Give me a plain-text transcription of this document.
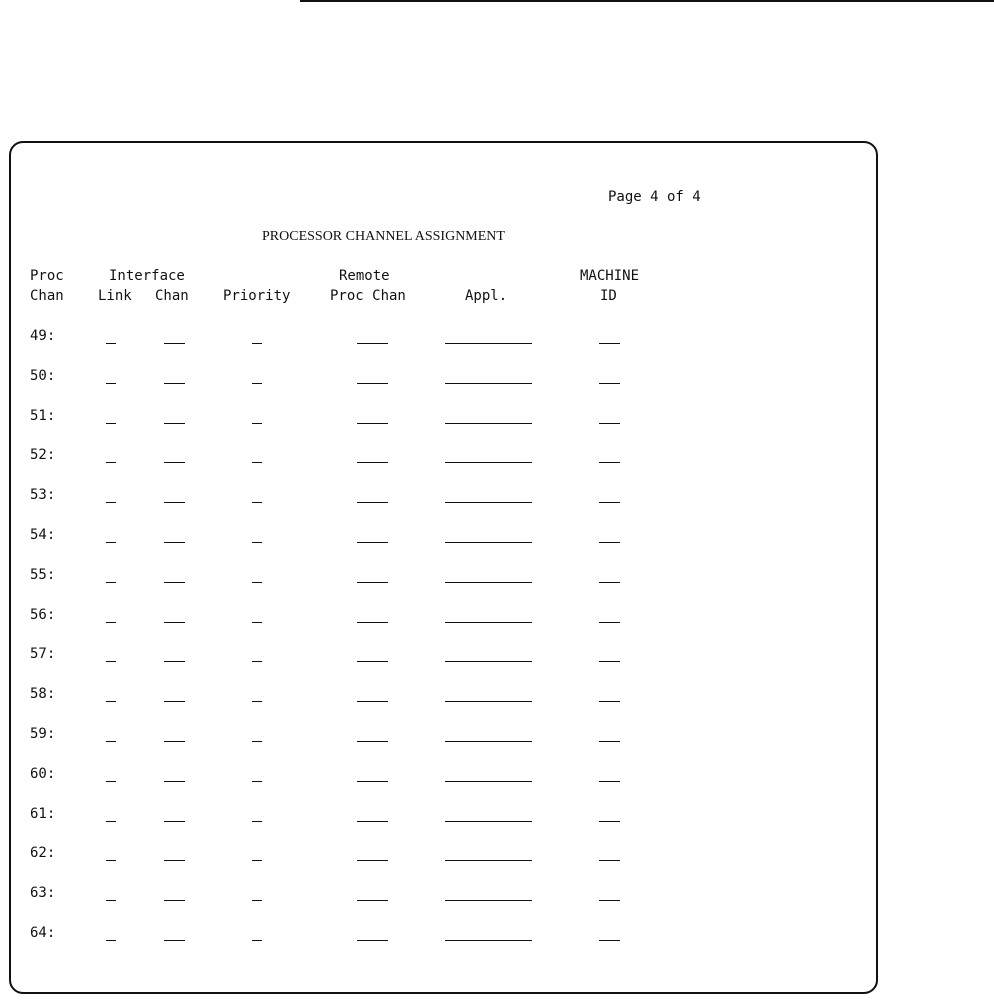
Page 4 of 4
PROCESSOR CHANNEL ASSIGNMENT
Proc
Chan
Interface
Link Chan Priority
Remote
Proc Chan	Appl.
MACHINE
ID
49:
50:
51:
52:
53:
54:
55:
56:
57:
58:
59:
60:
61:
62:
63:
64:
